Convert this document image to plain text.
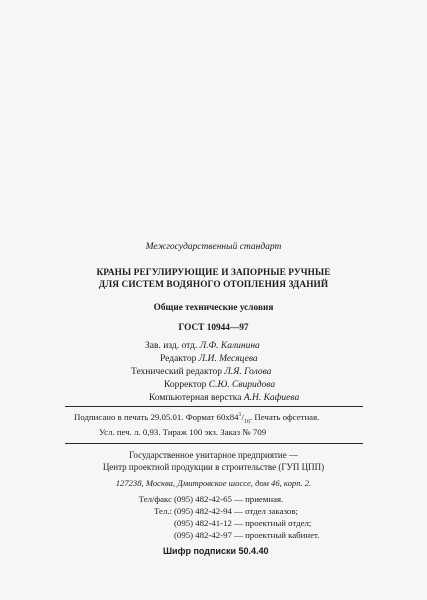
Межгосударственный стандарт
КРАНЫ РЕГУЛИРУЮЩИЕ И ЗАПОРНЫЕ РУЧНЫЕ
ДЛЯ СИСТЕМ ВОДЯНОГО ОТОПЛЕНИЯ ЗДАНИЙ
Общие технические условия
ГОСТ 10944—97
Зав. изд. отд. Л.Ф. Калинина
Редактор Л.И. Месяцева
Технический редактор Л.Я. Голова
Корректор С.Ю. Свиридова
Компьютерная верстка А.Н. Кафиева
Подписано в печать 29.05.01. Формат $60x84^1/_{16}$. Печать офсетная.
Усл. печ. л. 0,93. Тираж 100 экз. Заказ № 709
Государственное унитарное предприятие —
Центр проектной продукции в строительстве (ГУП ЦПП)
127238, Москва, Дмитровское шоссе, дом 46, корп. 2.
Тел/факс (095) 482-42-65 — приемная.
Тел.: (095) 482-42-94 — отдел заказов;
(095) 482-41-12 — проектный отдел;
(095) 482-42-97 — проектный кабинет.
Шифр подписки 50.4.40
